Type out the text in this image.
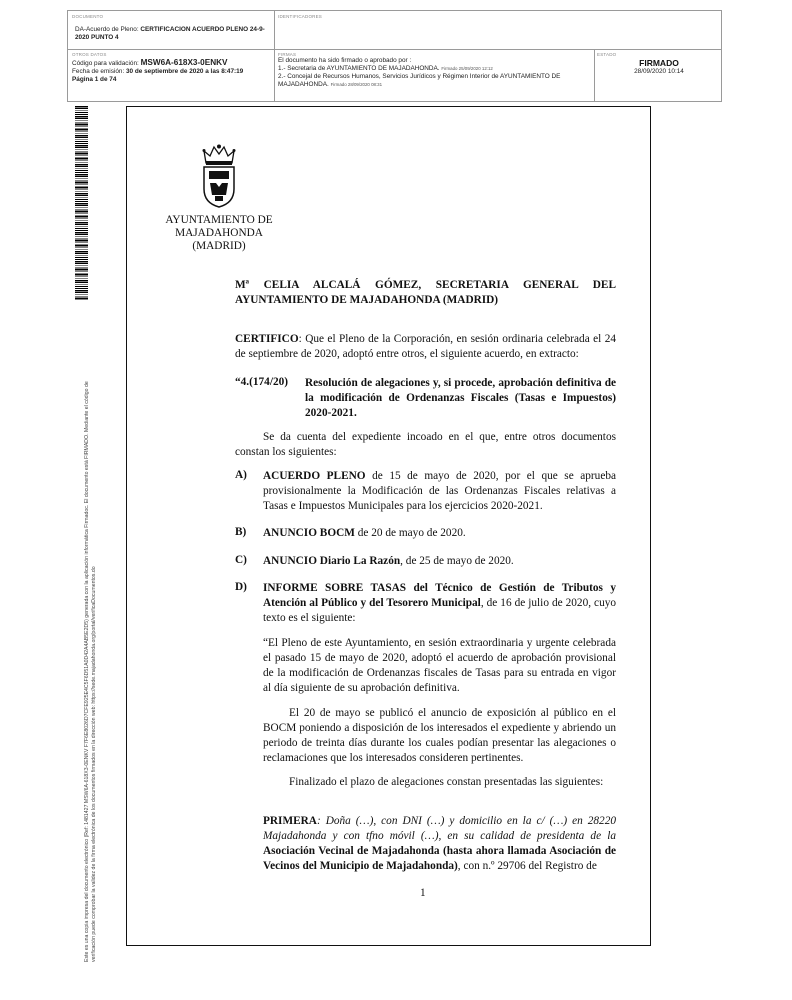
DOCUMENTO
DA-Acuerdo de Pleno: CERTIFICACION ACUERDO PLENO 24-9-2020 PUNTO 4
IDENTIFICADORES
OTROS DATOS
Código para validación: MSW6A-618X3-0ENKV
Fecha de emisión: 30 de septiembre de 2020 a las 8:47:19
Página 1 de 74
FIRMAS
El documento ha sido firmado o aprobado por :
1.- Secretaria de AYUNTAMIENTO DE MAJADAHONDA. Firmado 25/09/2020 12:12
2.- Concejal de Recursos Humanos, Servicios Jurídicos y Régimen Interior de AYUNTAMIENTO DE MAJADAHONDA. Firmado 28/09/2020 08:31
ESTADO
FIRMADO
28/09/2020 10:14
Este es una copia impresa del documento electrónico (Ref: 1481427 MSW6A-618X3-0ENKV F7F6E8026D7CFE925E4C5F6D51A0D42A4AB5E2D5) generada con la aplicación informática Firmadoc. El documento está FIRMADO. Mediante el código de verificación puede comprobar la validez de la firma electrónica de los documentos firmados en la dirección web: https://sede.majadahonda.org/portal/verificaDocumentos.do
AYUNTAMIENTO DE
MAJADAHONDA
(MADRID)
Mª CELIA ALCALÁ GÓMEZ, SECRETARIA GENERAL DEL AYUNTAMIENTO DE MAJADAHONDA (MADRID)
CERTIFICO: Que el Pleno de la Corporación, en sesión ordinaria celebrada el 24 de septiembre de 2020, adoptó entre otros, el siguiente acuerdo, en extracto:
“4.(174/20) Resolución de alegaciones y, si procede, aprobación definitiva de la modificación de Ordenanzas Fiscales (Tasas e Impuestos) 2020-2021.
Se da cuenta del expediente incoado en el que, entre otros documentos constan los siguientes:
A) ACUERDO PLENO de 15 de mayo de 2020, por el que se aprueba provisionalmente la Modificación de las Ordenanzas Fiscales relativas a Tasas e Impuestos Municipales para los ejercicios 2020-2021.
B) ANUNCIO BOCM de 20 de mayo de 2020.
C) ANUNCIO Diario La Razón, de 25 de mayo de 2020.
D) INFORME SOBRE TASAS del Técnico de Gestión de Tributos y Atención al Público y del Tesorero Municipal, de 16 de julio de 2020, cuyo texto es el siguiente:
“El Pleno de este Ayuntamiento, en sesión extraordinaria y urgente celebrada el pasado 15 de mayo de 2020, adoptó el acuerdo de aprobación provisional de la modificación de Ordenanzas fiscales de Tasas para su entrada en vigor al día siguiente de su aprobación definitiva.
El 20 de mayo se publicó el anuncio de exposición al público en el BOCM poniendo a disposición de los interesados el expediente y abriendo un periodo de treinta días durante los cuales podían presentar las alegaciones o reclamaciones que los interesados consideren pertinentes.
Finalizado el plazo de alegaciones constan presentadas las siguientes:
PRIMERA: Doña (…), con DNI (…) y domicilio en la c/ (…) en 28220 Majadahonda y con tfno móvil (…), en su calidad de presidenta de la Asociación Vecinal de Majadahonda (hasta ahora llamada Asociación de Vecinos del Municipio de Majadahonda), con n.º 29706 del Registro de
1
